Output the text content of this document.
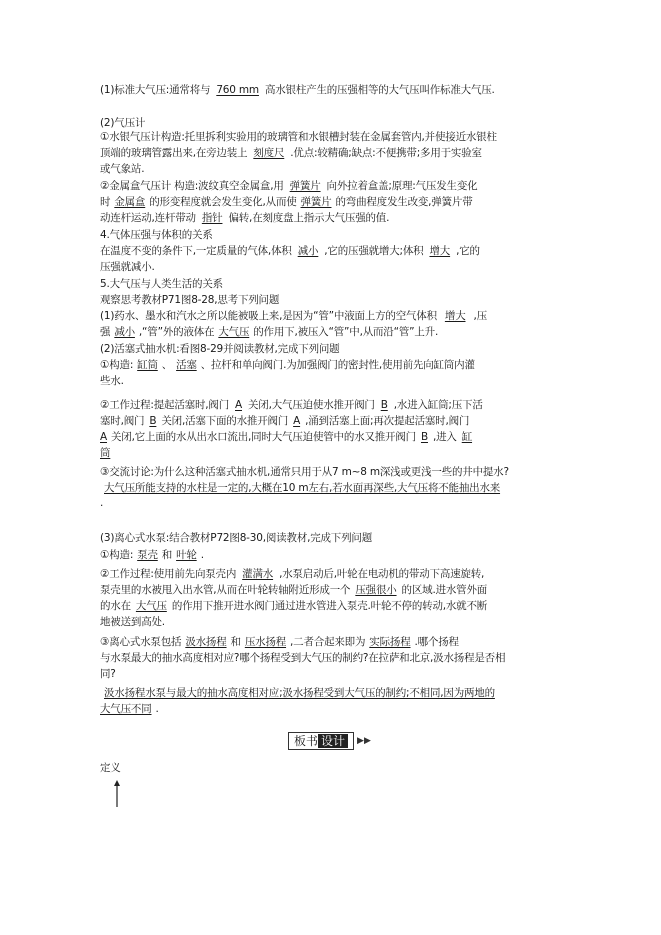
(1)标准大气压:通常将与 760 mm 高水银柱产生的压强相等的大气压叫作标准大气压.
(2)气压计
①水银气压计构造:托里拆利实验用的玻璃管和水银槽封装在金属套管内,并使接近水银柱
顶端的玻璃管露出来,在旁边装上 刻度尺 .优点:较精确;缺点:不便携带;多用于实验室
或气象站.
②金属盒气压计 构造:波纹真空金属盒,用 弹簧片 向外拉着盒盖;原理:气压发生变化
时 金属盒 的形变程度就会发生变化,从而使 弹簧片 的弯曲程度发生改变,弹簧片带
动连杆运动,连杆带动 指针 偏转,在刻度盘上指示大气压强的值.
4.气体压强与体积的关系
在温度不变的条件下,一定质量的气体,体积 减小 ,它的压强就增大;体积 增大 ,它的
压强就减小.
5.大气压与人类生活的关系
观察思考教材P71图8-28,思考下列问题
(1)药水、墨水和汽水之所以能被吸上来,是因为“管”中液面上方的空气体积 增大 ,压
强 减小 ,“管”外的液体在 大气压 的作用下,被压入“管”中,从而沿“管”上升.
(2)活塞式抽水机:看图8-29并阅读教材,完成下列问题
①构造: 缸筒 、 活塞 、拉杆和单向阀门.为加强阀门的密封性,使用前先向缸筒内灌
些水.
②工作过程:提起活塞时,阀门 A 关闭,大气压迫使水推开阀门 B ,水进入缸筒;压下活
塞时,阀门 B 关闭,活塞下面的水推开阀门 A ,涌到活塞上面;再次提起活塞时,阀门
A 关闭,它上面的水从出水口流出,同时大气压迫使管中的水又推开阀门 B ,进入 缸
筒
③交流讨论:为什么这种活塞式抽水机,通常只用于从7 m~8 m深浅或更浅一些的井中提水?
大气压所能支持的水柱是一定的,大概在10 m左右,若水面再深些,大气压将不能抽出水来
.
(3)离心式水泵:结合教材P72图8-30,阅读教材,完成下列问题
①构造: 泵壳 和 叶轮 .
②工作过程:使用前先向泵壳内 灌满水 ,水泵启动后,叶轮在电动机的带动下高速旋转,
泵壳里的水被甩入出水管,从而在叶轮转轴附近形成一个 压强很小 的区域.进水管外面
的水在 大气压 的作用下推开进水阀门通过进水管进入泵壳.叶轮不停的转动,水就不断
地被送到高处.
③离心式水泵包括 汲水扬程 和 压水扬程 ,二者合起来即为 实际扬程 .哪个扬程
与水泵最大的抽水高度相对应?哪个扬程受到大气压的制约?在拉萨和北京,汲水扬程是否相
同?
汲水扬程水泵与最大的抽水高度相对应;汲水扬程受到大气压的制约;不相同,因为两地的
大气压不同 .
板书 设计	▶▶
定义
